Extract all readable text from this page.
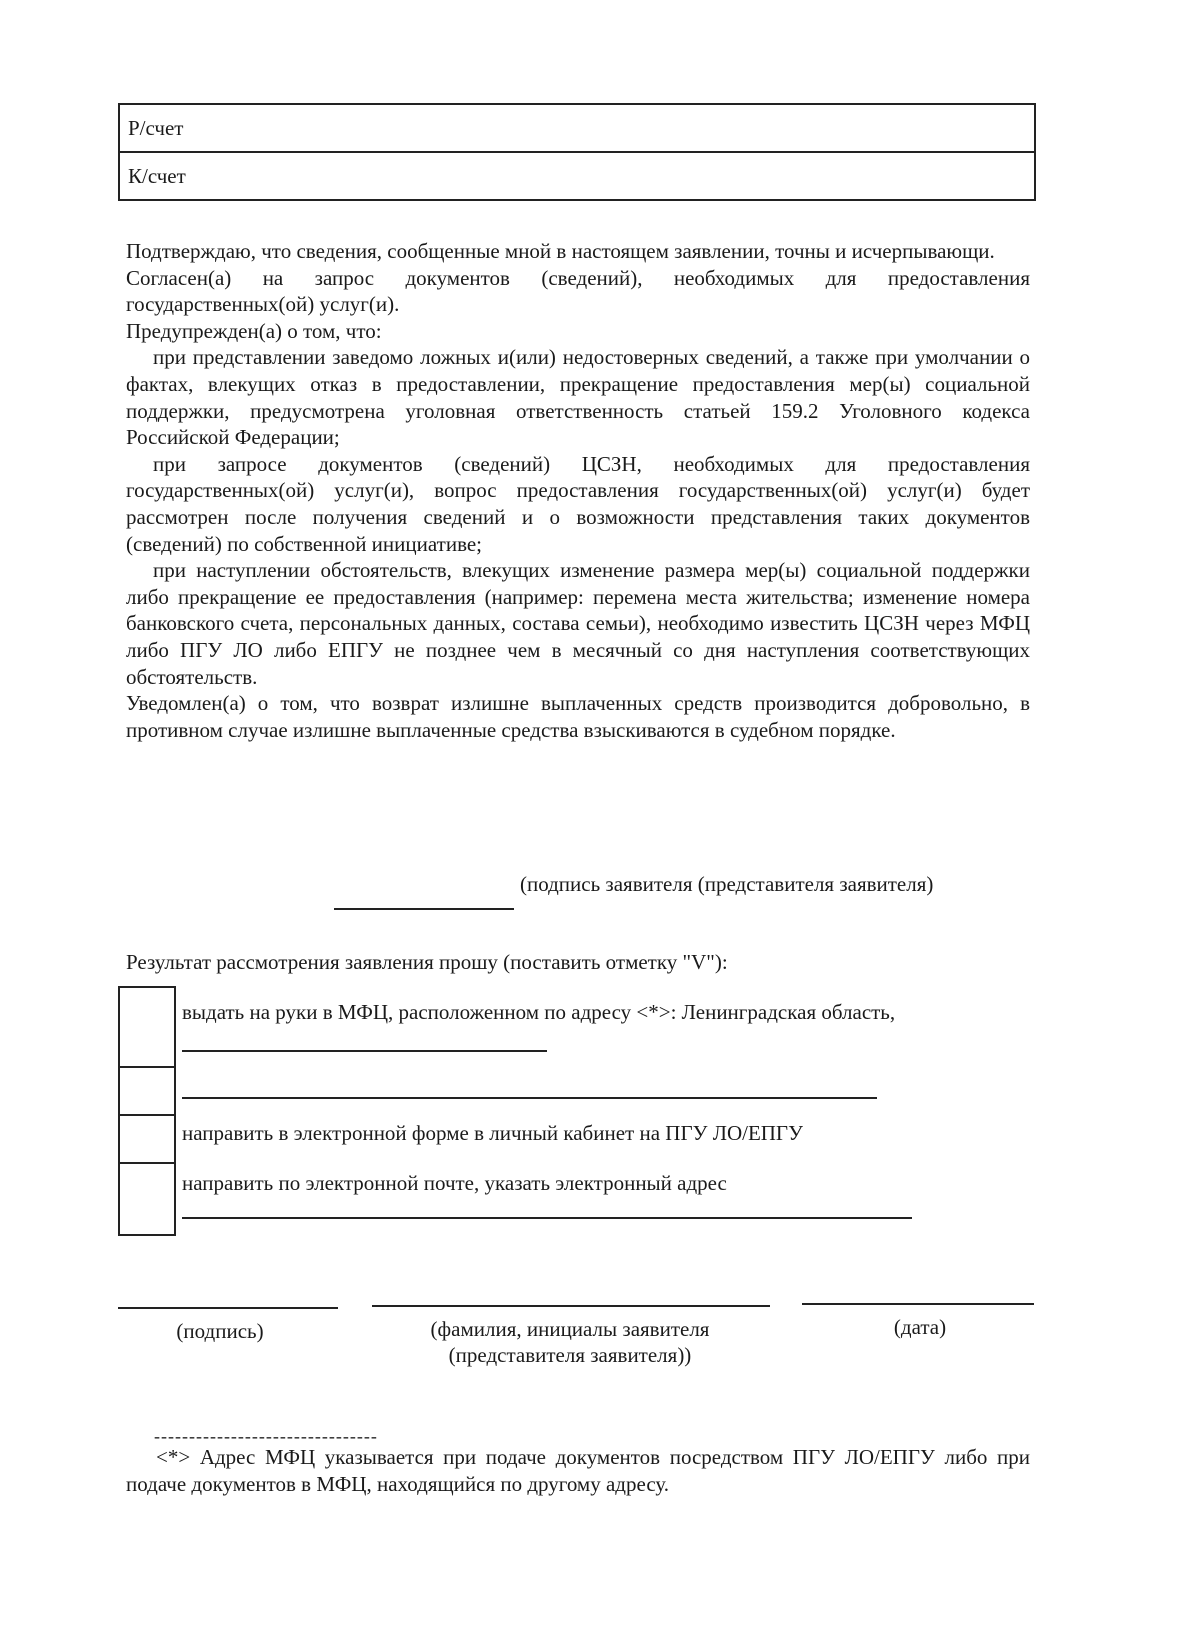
Р/счет
К/счет

Подтверждаю, что сведения, сообщенные мной в настоящем заявлении, точны и исчерпывающи.

Согласен(а) на запрос документов (сведений), необходимых для предоставления государственных(ой) услуг(и).

Предупрежден(а) о том, что:

при представлении заведомо ложных и(или) недостоверных сведений, а также при умолчании о фактах, влекущих отказ в предоставлении, прекращение предоставления мер(ы) социальной поддержки, предусмотрена уголовная ответственность статьей 159.2 Уголовного кодекса Российской Федерации;

при запросе документов (сведений) ЦСЗН, необходимых для предоставления государственных(ой) услуг(и), вопрос предоставления государственных(ой) услуг(и) будет рассмотрен после получения сведений и о возможности представления таких документов (сведений) по собственной инициативе;

при наступлении обстоятельств, влекущих изменение размера мер(ы) социальной поддержки либо прекращение ее предоставления (например: перемена места жительства; изменение номера банковского счета, персональных данных, состава семьи), необходимо известить ЦСЗН через МФЦ либо ПГУ ЛО либо ЕПГУ не позднее чем в месячный со дня наступления соответствующих обстоятельств.

Уведомлен(а) о том, что возврат излишне выплаченных средств производится добровольно, в противном случае излишне выплаченные средства взыскиваются в судебном порядке.

(подпись заявителя (представителя заявителя)
Результат рассмотрения заявления прошу (поставить отметку "V"):
выдать на руки в МФЦ, расположенном по адресу <*>: Ленинградская область,
направить в электронной форме в личный кабинет на ПГУ ЛО/ЕПГУ
направить по электронной почте, указать электронный адрес
(подпись)	(фамилия, инициалы заявителя
(представителя заявителя))
(дата)
--------------------------------

<*> Адрес МФЦ указывается при подаче документов посредством ПГУ ЛО/ЕПГУ либо при подаче документов в МФЦ, находящийся по другому адресу.
